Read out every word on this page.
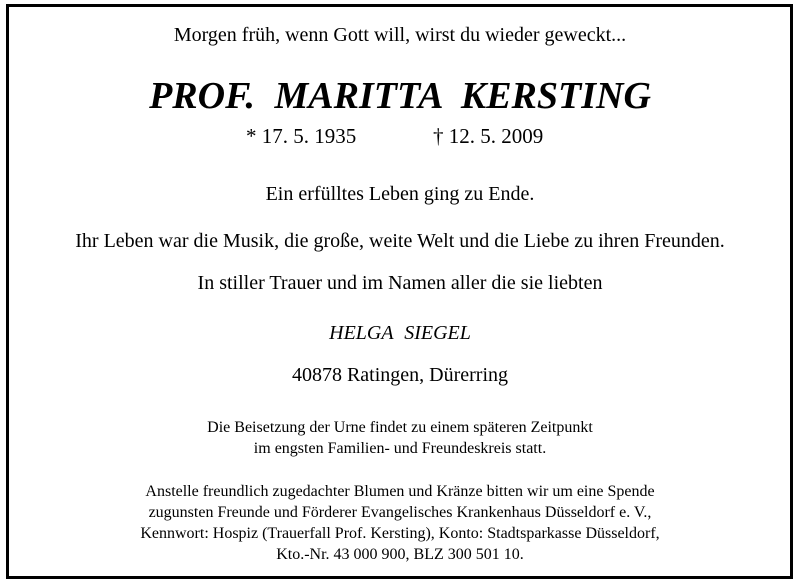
Morgen früh, wenn Gott will, wirst du wieder geweckt...
PROF. MARITTA KERSTING
* 17. 5. 1935	† 12. 5. 2009
Ein erfülltes Leben ging zu Ende.
Ihr Leben war die Musik, die große, weite Welt und die Liebe zu ihren Freunden.
In stiller Trauer und im Namen aller die sie liebten
HELGA SIEGEL
40878 Ratingen, Dürerring
Die Beisetzung der Urne findet zu einem späteren Zeitpunkt
im engsten Familien- und Freundeskreis statt.
Anstelle freundlich zugedachter Blumen und Kränze bitten wir um eine Spende
zugunsten Freunde und Förderer Evangelisches Krankenhaus Düsseldorf e. V.,
Kennwort: Hospiz (Trauerfall Prof. Kersting), Konto: Stadtsparkasse Düsseldorf,
Kto.-Nr. 43 000 900, BLZ 300 501 10.
